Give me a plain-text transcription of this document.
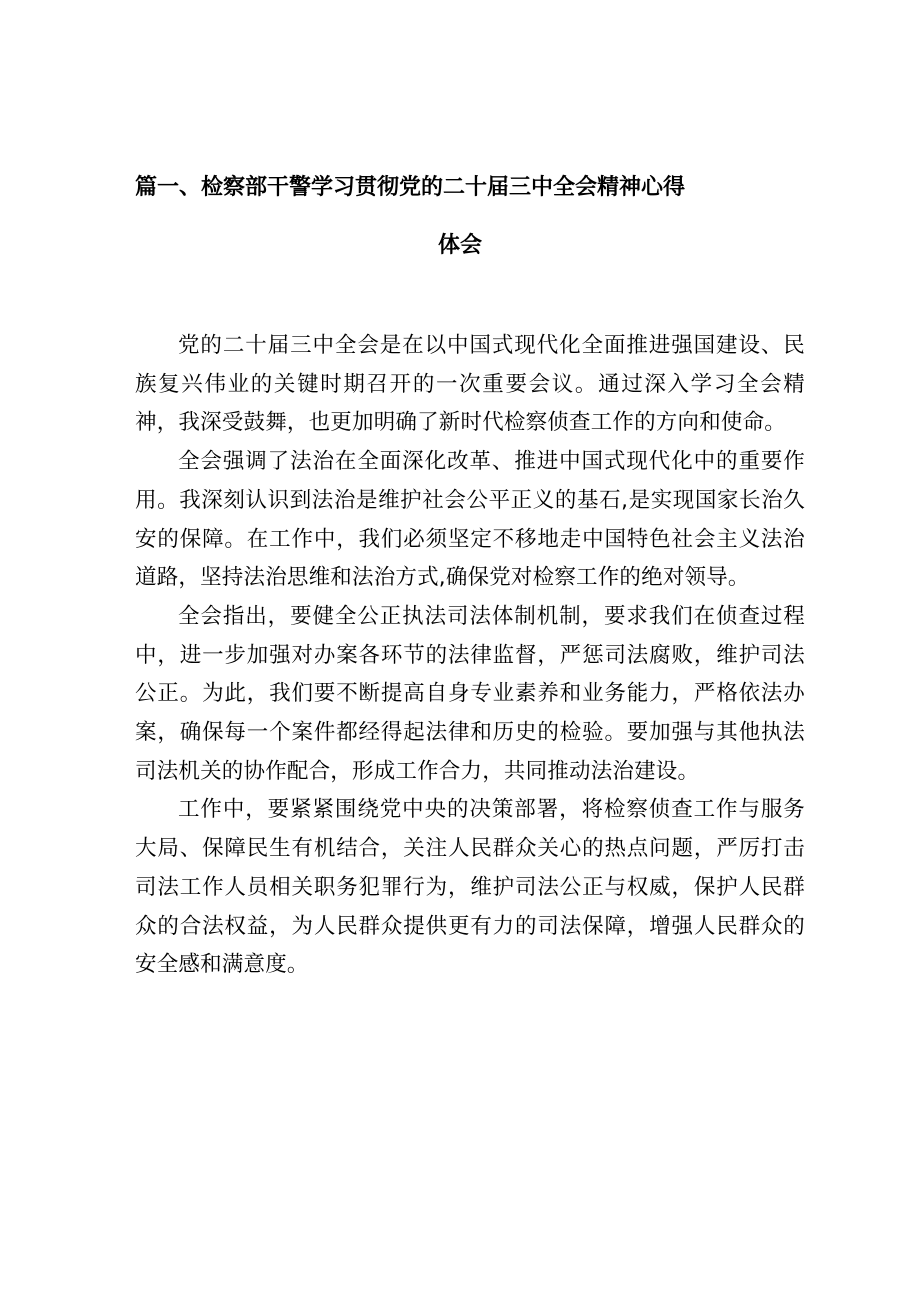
篇一、检察部干警学习贯彻党的二十届三中全会精神心得
体会

党的二十届三中全会是在以中国式现代化全面推进强国建设、民族复兴伟业的关键时期召开的一次重要会议。通过深入学习全会精神，我深受鼓舞，也更加明确了新时代检察侦查工作的方向和使命。

全会强调了法治在全面深化改革、推进中国式现代化中的重要作用。我深刻认识到法治是维护社会公平正义的基石,是实现国家长治久安的保障。在工作中，我们必须坚定不移地走中国特色社会主义法治道路，坚持法治思维和法治方式,确保党对检察工作的绝对领导。

全会指出，要健全公正执法司法体制机制，要求我们在侦查过程中，进一步加强对办案各环节的法律监督，严惩司法腐败，维护司法公正。为此，我们要不断提高自身专业素养和业务能力，严格依法办案，确保每一个案件都经得起法律和历史的检验。要加强与其他执法司法机关的协作配合，形成工作合力，共同推动法治建设。

工作中，要紧紧围绕党中央的决策部署，将检察侦查工作与服务大局、保障民生有机结合，关注人民群众关心的热点问题，严厉打击司法工作人员相关职务犯罪行为，维护司法公正与权威，保护人民群众的合法权益，为人民群众提供更有力的司法保障，增强人民群众的安全感和满意度。
